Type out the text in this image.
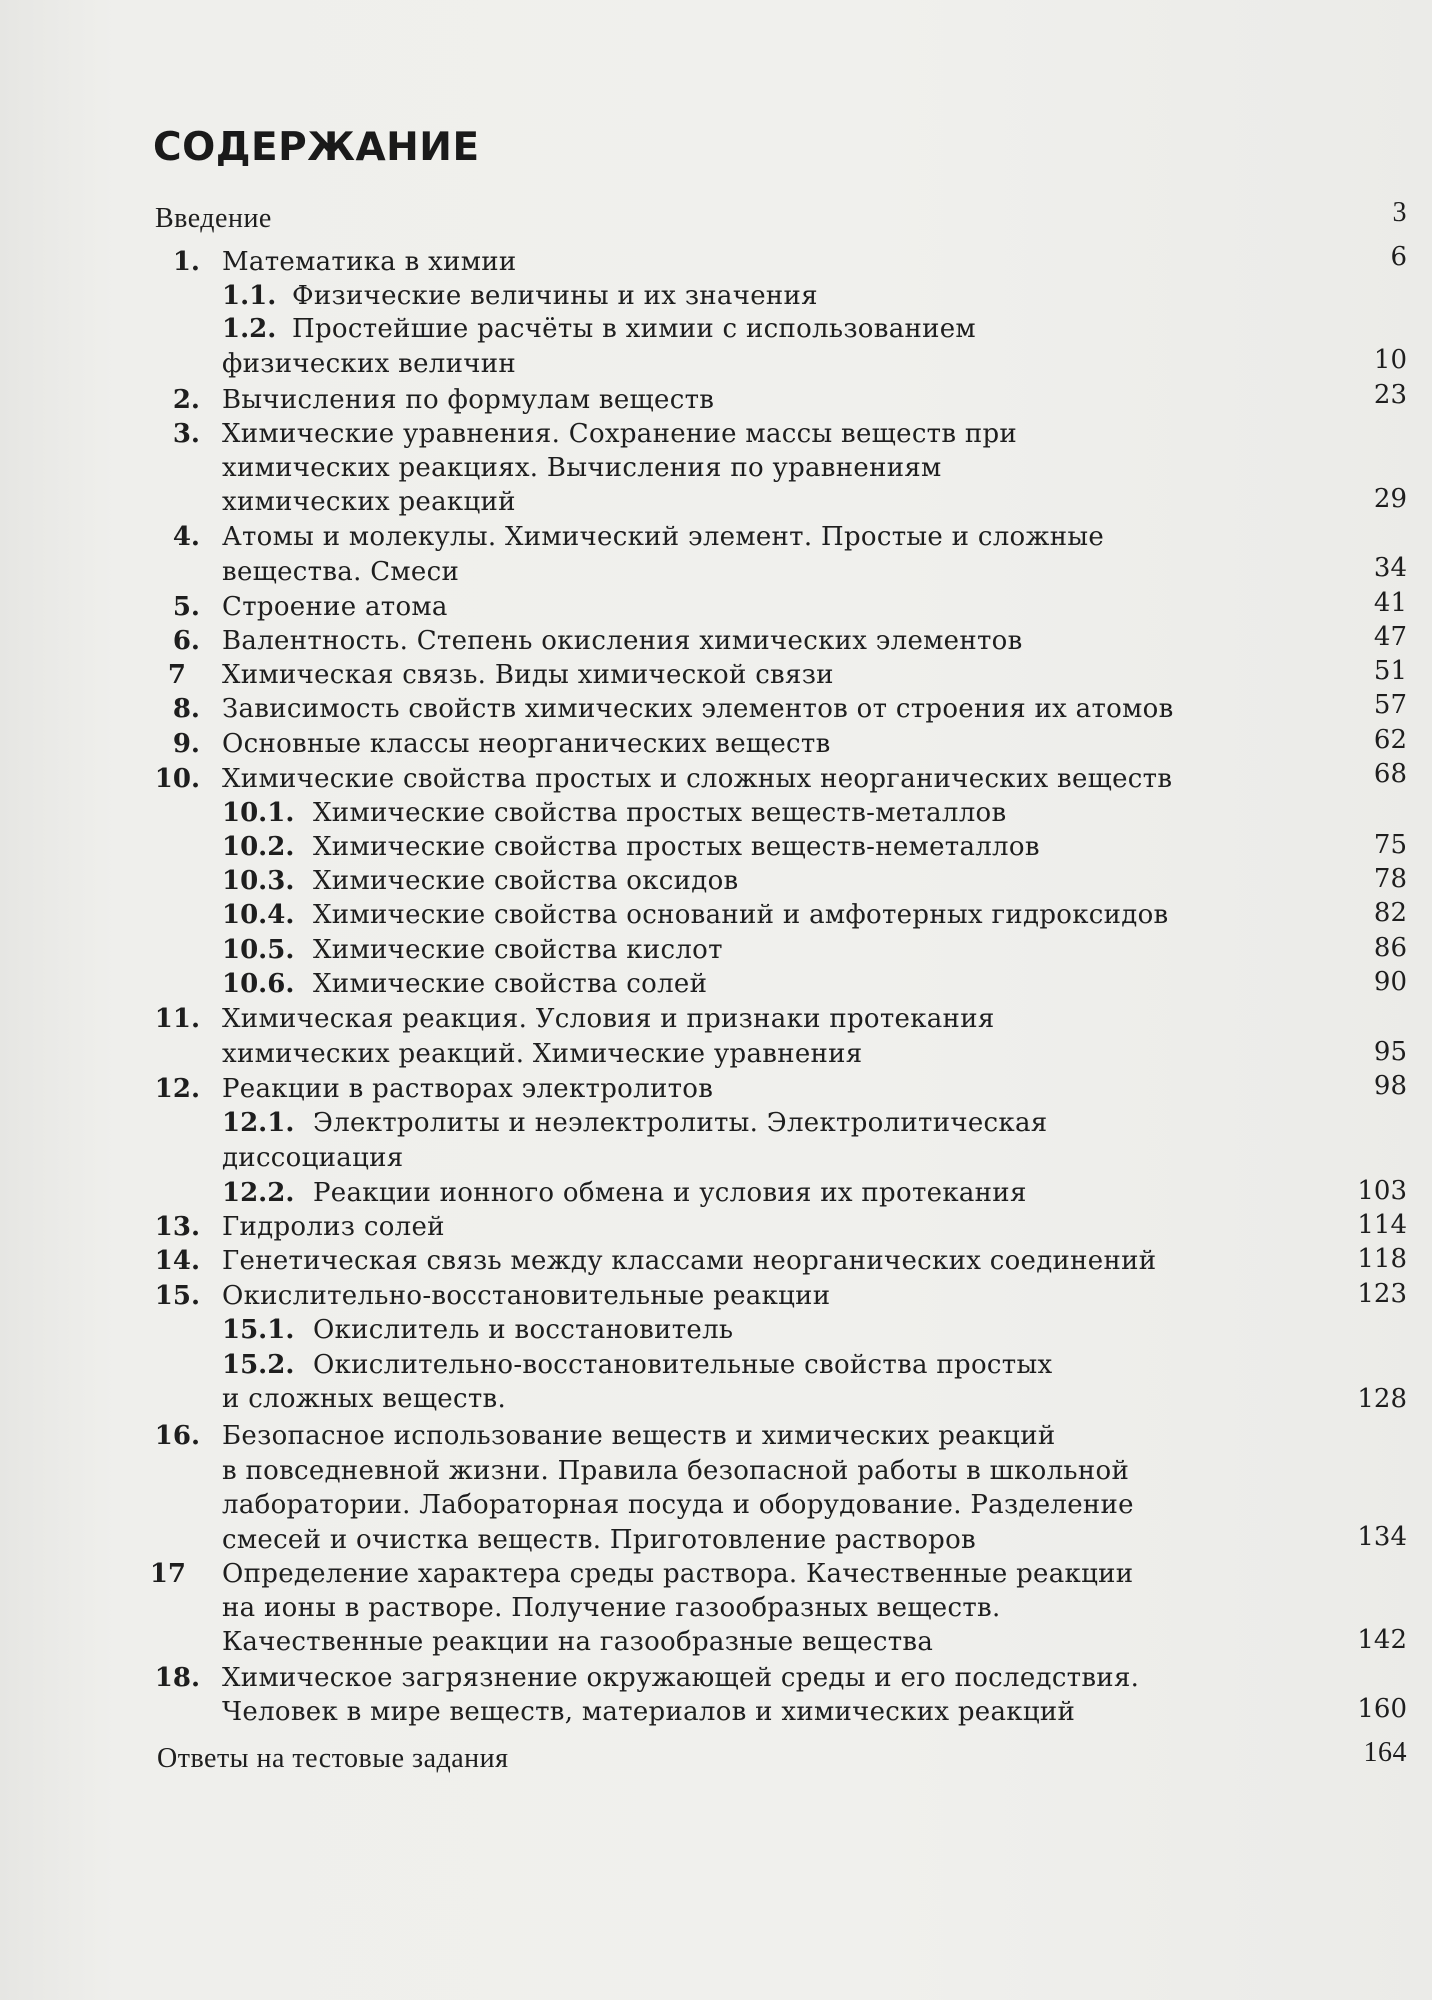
СОДЕРЖАНИЕ
Введение	3
1. Математика в химии	6
1.1. Физические величины и их значения
1.2. Простейшие расчёты в химии с использованием
физических величин	10
2. Вычисления по формулам веществ	23
3. Химические уравнения. Сохранение массы веществ при
химических реакциях. Вычисления по уравнениям
химических реакций	29
4. Атомы и молекулы. Химический элемент. Простые и сложные
вещества. Смеси	34
5. Строение атома	41
6. Валентность. Степень окисления химических элементов	47
7 Химическая связь. Виды химической связи	51
8. Зависимость свойств химических элементов от строения их атомов	57
9. Основные классы неорганических веществ	62
10. Химические свойства простых и сложных неорганических веществ	68
10.1. Химические свойства простых веществ-металлов
10.2. Химические свойства простых веществ-неметаллов	75
10.3. Химические свойства оксидов	78
10.4. Химические свойства оснований и амфотерных гидроксидов	82
10.5. Химические свойства кислот	86
10.6. Химические свойства солей	90
11. Химическая реакция. Условия и признаки протекания
химических реакций. Химические уравнения	95
12. Реакции в растворах электролитов	98
12.1. Электролиты и неэлектролиты. Электролитическая
диссоциация
12.2. Реакции ионного обмена и условия их протекания	103
13. Гидролиз солей	114
14. Генетическая связь между классами неорганических соединений	118
15. Окислительно-восстановительные реакции	123
15.1. Окислитель и восстановитель
15.2. Окислительно-восстановительные свойства простых
и сложных веществ.	128
16. Безопасное использование веществ и химических реакций
в повседневной жизни. Правила безопасной работы в школьной
лаборатории. Лабораторная посуда и оборудование. Разделение
смесей и очистка веществ. Приготовление растворов	134
17 Определение характера среды раствора. Качественные реакции
на ионы в растворе. Получение газообразных веществ.
Качественные реакции на газообразные вещества	142
18. Химическое загрязнение окружающей среды и его последствия.
Человек в мире веществ, материалов и химических реакций	160
Ответы на тестовые задания	164
